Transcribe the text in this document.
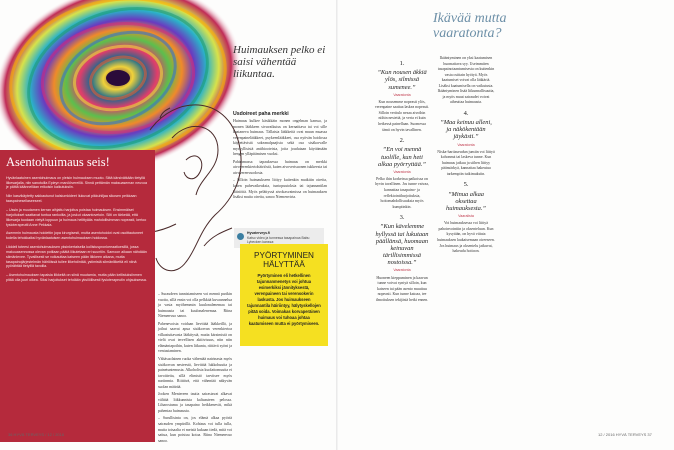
Asentohuimaus seis!

Hyvänlaatuinen asentohuimaus on yleisin huimauksen muoto. Siitä kärsivätkään tietyllä liikesarjalla, niin sanotuilla Epleyn manöövereillä. Sinnä pettämän maksuaseman neuvoa je päittä käännelläan erikoisin kaikutuksiin.

Niin kasvikäytetty sakkautunut kalsiumkideet liukuvat pikkuhiljaa sikosen peikkaan taaspainesellaseeseel.

– Ussin ja muutamen kerran aihjattu harjoitus poistaa huimauksen. Ensimmäiset harjoitukset saattavat tuntua rankoilta, ja joskut okaantovetoin. Silti on tärkeää, että liikesarja tuodaan vietyä loppuun ja huimaus helittyääs mahdollisimman nopeasti, kertoo fysioterapeutti Anne Pekkala.

Asemmin huimausta hoidettin jopa kirurgisesti, mutta asentohoidot ovat osoittautuneet todella tehokkaiksi hyvänlaatuisen asentohuimauksen hoidossa.

Liiddeli toteesi asentohuimauksen yksinkertaisella kollistuspronkeeaatioesillä, jossa makuuasennossa olevan potilaan päätä liikutetaan eri suuntiin. Samoon aikaan nähdään silmänlevee. Tyvallisesti se voikauttaa katseen pään liikkeen aikana, mutta tasapainojärjestelmän häiriöissä tuilee liikehdintää, ystimistä silmänliikettä eli niinä pyörähtää tietyillä tavoilla.

– Asentohuimauksen tapaisia liikkeitä on siinä muutamia, mutta pään kellistuksiinmen pitää olla juuri oikea. Siksi harjoitukset tehdään yksilöllisesti fysioterapeutin ohjauksessa.

– Suraudeen tunnistamiseen voi mennä parikin vuotta, sillä ensin voi olla pelkkää kuvaannelua ja vasta myöhemmin kuulonalenemaa tai huimausta tai kuulonalenemaa. Riina Niemenvuo sanoo.

Pahenevoista voidaan lievittää lääkkeillä, ja joihut saavat apua sisäkorvan verenkiertoa vilkastuttavasta lääkitystä, mutta kärsimistä on vielä ovat tervellisen aktiivisuus, niin niin elämäntapoihin, kuten liikunta, riittävä syöni ja ventusiaminen.

Vähäsuolainen ruoka vähentää nairinasta myös sisäkorvan nesteestä, lievittää lukkohuutta ja painetuntemusta. Alkoholista kuolattomuutta ei tavoitteita, sillä elimistö tarvitsee myös nariinmia. Riittävä, että vähentää näkyvän suolan määrää.

Jooken Meniereen tautia sairastavat alkavat välttää liikkunnista kaltuasteen pelossa. Liharostuma ja tasapaino heikkenevät, mikä pahentaa huimausta.

– Surullisinta on, jos elämä alkaa pyöriä sairauden ympärillä. Kohtaus voi tulla tulla, mutta toisaalta ei meistä kukaan tiedä, mitä voi sattua, kun poistuu kotoa. Riina Niemenvuo sanoo.

Huimauksen pelko ei saisi vähentää liikuntaa.
Usdoireet paha merkki

Huimaus kulkee käsikkäin monen ongelman kanssa, ja monen lääkkeen sivuvaikutus on kernaittava tai voi sille kaataneva huimaus. Tällaisia lääkkeitä ovat muun muassa verenpainelääkkeet, psykeenlääkkeet, osa nyövän hoidossa käytettävistä sokeanalpaajista sekä osa sisäkorvalle myrkyllisistä antibiooteista, joita joudutaan käyttämään hengen ylläpitämisen vuoksi.

Pahimmassa tapauksessa huimaus on merkki aivoverenkiertohäiriöstä, kuten aivoverisuonen tukkeesta tai aivoverenvuodosta.

– Silloin huimaukseen liittyy kuitenkin mutkitin oireita, kuten puhevaikeuksia, tuntopuutoksia tai tajunnantilan häiriöitä. Myös pelättyssä aivokasvaimissa on huimauksen lisäksi muita oireita, sanoo Niemenvirta.

Hyvaterveys.fi
Katso video ja tunnessa tasapainoa Babu Lybecken kanssa:
PYÖRTYMINEN HÄLYTTÄÄ

Pyörtyminen eli hetkellinen tajunnanmenetys voi johtua esimerkiksi jännityksestä, verenpaineen tai verensokerin laskusta. Jos huimaukseen tajunnantila häiriintyy, hälytyskellojen pitää soida. Voimakas korvaperäinen huimaus voi tuhoaa johtaa kaatumiseen mutta ei pyörtymiseen.

36 HYVÄ TERVEYS / 12 / 2016
Ikävää mutta vaaratonta?
1.
”Kun nousen äkkiä ylös, silmissä sumenee.”
Vaaratonta

Kun nousemme nopeasti ylös, verenpaine saattaa laskea nopeasti. Silloin veritulo nesaa aivoihin niihin nestettä, ja verta ei kuin hetkessä painellaan. Suomessa tämä on hyvin tavallinen.

2.
”En voi mennä tuolille, kun heti alkaa pyörryttää.”
Vaaratonta

Pelko ihin korkeissa paikoissa on hyvin tavallinen. Jos tunne vaivaa, kannattaa tasapaino- ja reflektointiharjoituksia, hoitomahdollisuuksia myös kumpiinkin.

3.
”Kun kävelemme hyllyssä tai lukutaan päällänsä, huomaan keinuvan tärillisimmissä nostoissa.”
Vaaratonta

Huoneen kieppuminen ja kaavun tunne voivat syntyä silloin, kun katseen tai pään asento muuttuu nopeasti. Kun tunne katoaa, tee ilmoituksen tekijästä hetki ennen.

Ikääntyminen on yksi kaatumisen huomattava syy. Useimmiten tasapainotaantumisesta on kuitenkin vasta osittain hyötyä. Myös kaatumiset voivat olla lääkäriä. Lisäksi kaatumisella on vaikutusta. Ikääntyminen lisää liikunnallisuutta, ja myös muut sairaudet voivat aiheuttaa huimausta.

4.
”Maa keinuu alleni, ja näkökentään jäykästi.”
Vaaratonta

Niska-hartiaseudun jumiin voi liittyä kohonnut tai laskeva tunne. Kun huimaus jatkuu ja siihen liittyy päänsärkyä, kannattaa hakeutua tarkempiin tutkimuksiin.

5.
”Minua alkaa oksettaa huimauksesta.”
Vaaralista

Voi huimauksessa voi liittyä pahoinvointiin ja oksenteluun. Kun kysytään, on hyvä viitata huimauksen laukaisemaan oireeseen. Jos huimaus ja oksentelu jatkuvat, hakeudu hoitoon.

12 / 2016 HYVÄ TERVEYS 37
